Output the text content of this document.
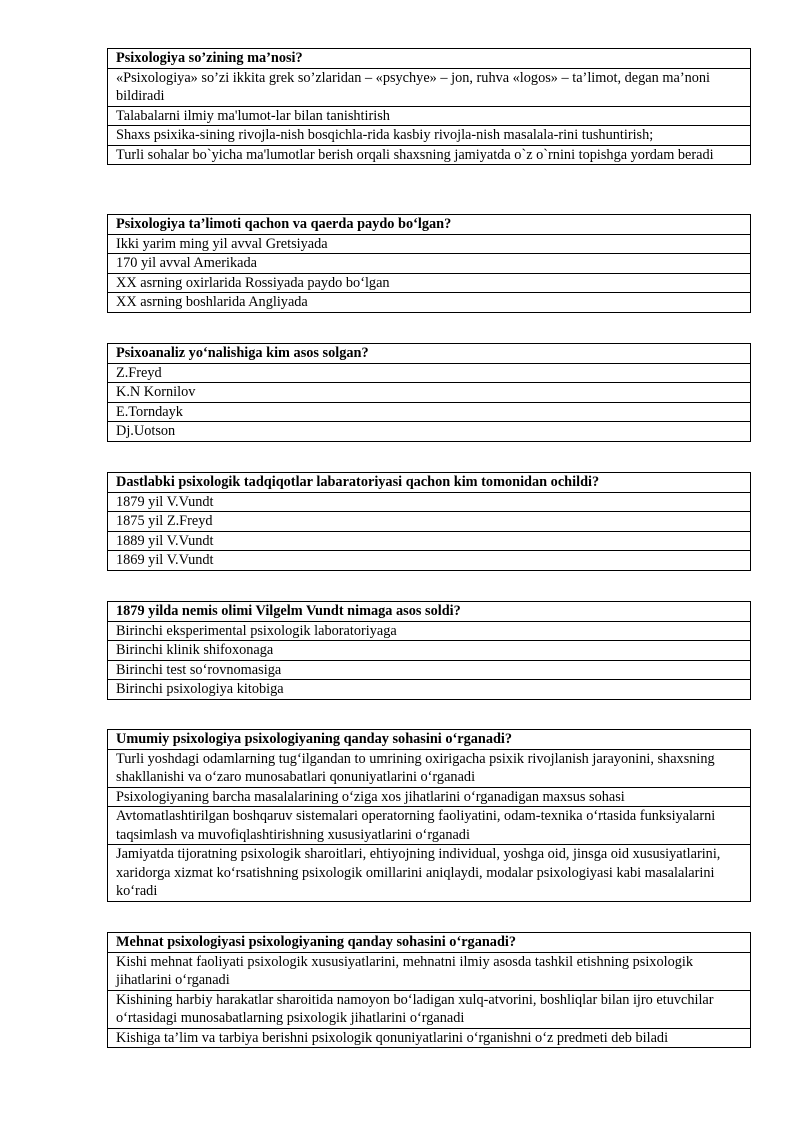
Psixologiya so’zining ma’nosi?
«Psixologiya» so’zi ikkita grek so’zlaridan – «psychye» – jon, ruhva «logos» – ta’limot, degan ma’noni bildiradi
Talabalarni ilmiy ma'lumot-lar bilan tanishtirish
Shaxs psixika-sining rivojla-nish bosqichla-rida kasbiy rivojla-nish masalala-rini tushuntirish;
Turli sohalar bo`yicha ma'lumotlar berish orqali shaxsning jamiyatda o`z o`rnini topishga yordam beradi
Psixologiya ta’limoti qachon va qaerda paydo bo‘lgan?
Ikki yarim ming yil avval Gretsiyada
170 yil avval Amerikada
XX asrning oxirlarida Rossiyada paydo bo‘lgan
XX asrning boshlarida Angliyada
Psixoanaliz yo‘nalishiga kim asos solgan?
Z.Freyd
K.N Kornilov
E.Torndayk
Dj.Uotson
Dastlabki psixologik tadqiqotlar labaratoriyasi qachon kim tomonidan ochildi?
1879 yil V.Vundt
1875 yil Z.Freyd
1889 yil V.Vundt
1869 yil V.Vundt
1879 yilda nemis olimi Vilgelm Vundt nimaga asos soldi?
Birinchi eksperimental psixologik laboratoriyaga
Birinchi klinik shifoxonaga
Birinchi test so‘rovnomasiga
Birinchi psixologiya kitobiga
Umumiy psixologiya psixologiyaning qanday sohasini o‘rganadi?
Turli yoshdagi odamlarning tug‘ilgandan to umrining oxirigacha psixik rivojlanish jarayonini, shaxsning shakllanishi va o‘zaro munosabatlari qonuniyatlarini o‘rganadi
Psixologiyaning barcha masalalarining o‘ziga xos jihatlarini o‘rganadigan maxsus sohasi
Avtomatlashtirilgan boshqaruv sistemalari operatorning faoliyatini, odam-texnika o‘rtasida funksiyalarni taqsimlash va muvofiqlashtirishning xususiyatlarini o‘rganadi
Jamiyatda tijoratning psixologik sharoitlari, ehtiyojning individual, yoshga oid, jinsga oid xususiyatlarini, xaridorga xizmat ko‘rsatishning psixologik omillarini aniqlaydi, modalar psixologiyasi kabi masalalarini ko‘radi
Mehnat psixologiyasi psixologiyaning qanday sohasini o‘rganadi?
Kishi mehnat faoliyati psixologik xususiyatlarini, mehnatni ilmiy asosda tashkil etishning psixologik jihatlarini o‘rganadi
Kishining harbiy harakatlar sharoitida namoyon bo‘ladigan xulq-atvorini, boshliqlar bilan ijro etuvchilar o‘rtasidagi munosabatlarning psixologik jihatlarini o‘rganadi
Kishiga ta’lim va tarbiya berishni psixologik qonuniyatlarini o‘rganishni o‘z predmeti deb biladi
